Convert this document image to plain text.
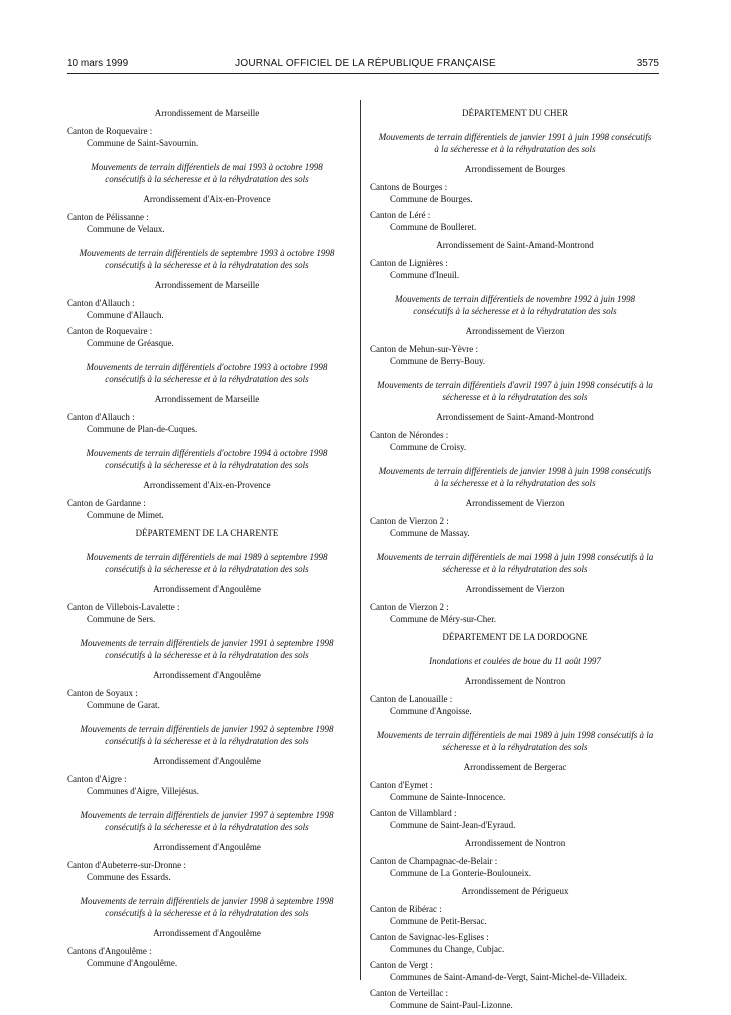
10 mars 1999	JOURNAL OFFICIEL DE LA RÉPUBLIQUE FRANÇAISE	3575
Arrondissement de Marseille
Canton de Roquevaire :
Commune de Saint-Savournin.
Mouvements de terrain différentiels de mai 1993 à octobre 1998 consécutifs à la sécheresse et à la réhydratation des sols
Arrondissement d'Aix-en-Provence
Canton de Pélissanne :
Commune de Velaux.
Mouvements de terrain différentiels de septembre 1993 à octobre 1998 consécutifs à la sécheresse et à la réhydratation des sols
Arrondissement de Marseille
Canton d'Allauch :
Commune d'Allauch.
Canton de Roquevaire :
Commune de Gréasque.
Mouvements de terrain différentiels d'octobre 1993 à octobre 1998 consécutifs à la sécheresse et à la réhydratation des sols
Arrondissement de Marseille
Canton d'Allauch :
Commune de Plan-de-Cuques.
Mouvements de terrain différentiels d'octobre 1994 à octobre 1998 consécutifs à la sécheresse et à la réhydratation des sols
Arrondissement d'Aix-en-Provence
Canton de Gardanne :
Commune de Mimet.
DÉPARTEMENT DE LA CHARENTE
Mouvements de terrain différentiels de mai 1989 à septembre 1998 consécutifs à la sécheresse et à la réhydratation des sols
Arrondissement d'Angoulême
Canton de Villebois-Lavalette :
Commune de Sers.
Mouvements de terrain différentiels de janvier 1991 à septembre 1998 consécutifs à la sécheresse et à la réhydratation des sols
Arrondissement d'Angoulême
Canton de Soyaux :
Commune de Garat.
Mouvements de terrain différentiels de janvier 1992 à septembre 1998 consécutifs à la sécheresse et à la réhydratation des sols
Arrondissement d'Angoulême
Canton d'Aigre :
Communes d'Aigre, Villejésus.
Mouvements de terrain différentiels de janvier 1997 à septembre 1998 consécutifs à la sécheresse et à la réhydratation des sols
Arrondissement d'Angoulême
Canton d'Aubeterre-sur-Dronne :
Commune des Essards.
Mouvements de terrain différentiels de janvier 1998 à septembre 1998 consécutifs à la sécheresse et à la réhydratation des sols
Arrondissement d'Angoulême
Cantons d'Angoulême :
Commune d'Angoulême.
DÉPARTEMENT DU CHER
Mouvements de terrain différentiels de janvier 1991 à juin 1998 consécutifs à la sécheresse et à la réhydratation des sols
Arrondissement de Bourges
Cantons de Bourges :
Commune de Bourges.
Canton de Léré :
Commune de Boulleret.
Arrondissement de Saint-Amand-Montrond
Canton de Lignières :
Commune d'Ineuil.
Mouvements de terrain différentiels de novembre 1992 à juin 1998 consécutifs à la sécheresse et à la réhydratation des sols
Arrondissement de Vierzon
Canton de Mehun-sur-Yèvre :
Commune de Berry-Bouy.
Mouvements de terrain différentiels d'avril 1997 à juin 1998 consécutifs à la sécheresse et à la réhydratation des sols
Arrondissement de Saint-Amand-Montrond
Canton de Nérondes :
Commune de Croisy.
Mouvements de terrain différentiels de janvier 1998 à juin 1998 consécutifs à la sécheresse et à la réhydratation des sols
Arrondissement de Vierzon
Canton de Vierzon 2 :
Commune de Massay.
Mouvements de terrain différentiels de mai 1998 à juin 1998 consécutifs à la sécheresse et à la réhydratation des sols
Arrondissement de Vierzon
Canton de Vierzon 2 :
Commune de Méry-sur-Cher.
DÉPARTEMENT DE LA DORDOGNE
Inondations et coulées de boue du 11 août 1997
Arrondissement de Nontron
Canton de Lanouaille :
Commune d'Angoisse.
Mouvements de terrain différentiels de mai 1989 à juin 1998 consécutifs à la sécheresse et à la réhydratation des sols
Arrondissement de Bergerac
Canton d'Eymet :
Commune de Sainte-Innocence.
Canton de Villamblard :
Commune de Saint-Jean-d'Eyraud.
Arrondissement de Nontron
Canton de Champagnac-de-Belair :
Commune de La Gonterie-Boulouneix.
Arrondissement de Périgueux
Canton de Ribérac :
Commune de Petit-Bersac.
Canton de Savignac-les-Eglises :
Communes du Change, Cubjac.
Canton de Vergt :
Communes de Saint-Amand-de-Vergt, Saint-Michel-de-Villadeix.
Canton de Verteillac :
Commune de Saint-Paul-Lizonne.
